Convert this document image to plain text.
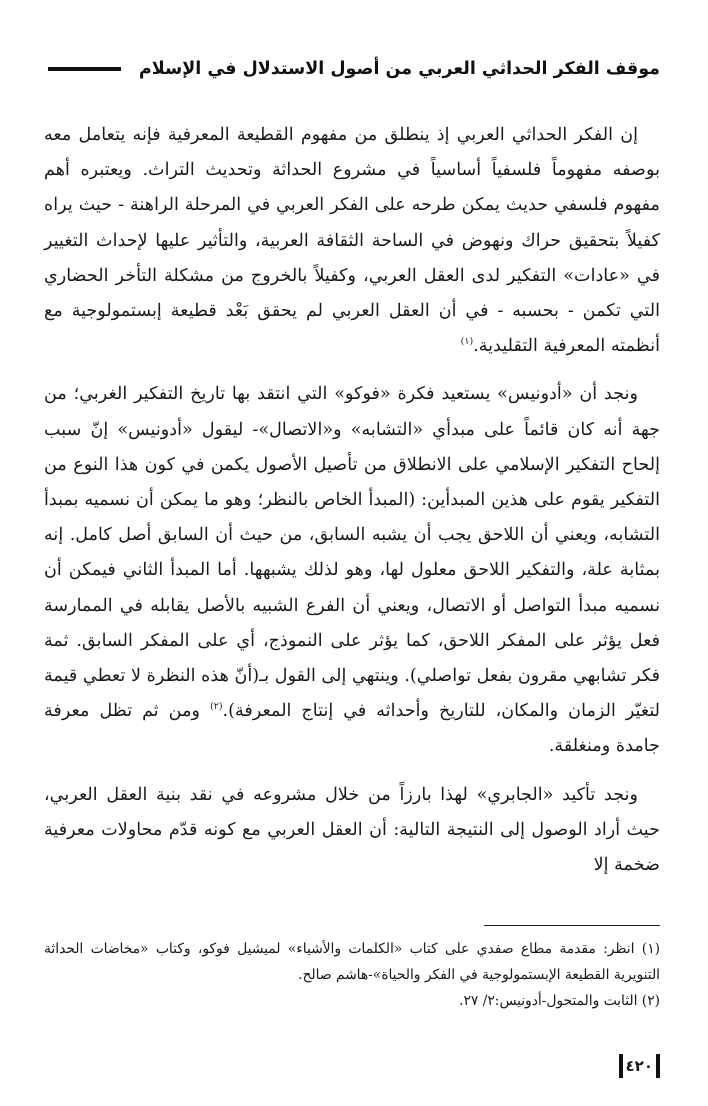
موقف الفكر الحداثي العربي من أصول الاستدلال في الإسلام

إن الفكر الحداثي العربي إذ ينطلق من مفهوم القطيعة المعرفية فإنه يتعامل معه بوصفه مفهوماً فلسفياً أساسياً في مشروع الحداثة وتحديث التراث. ويعتبره أهم مفهوم فلسفي حديث يمكن طرحه على الفكر العربي في المرحلة الراهنة - حيث يراه كفيلاً بتحقيق حراك ونهوض في الساحة الثقافة العربية، والتأثير عليها لإحداث التغيير في «عادات» التفكير لدى العقل العربي، وكفيلاً بالخروج من مشكلة التأخر الحضاري التي تكمن - بحسبه - في أن العقل العربي لم يحقق بَعْد قطيعة إبستمولوجية مع أنظمته المعرفية التقليدية.$^{(١)}$

ونجد أن «أدونيس» يستعيد فكرة «فوكو» التي انتقد بها تاريخ التفكير الغربي؛ من جهة أنه كان قائماً على مبدأي «التشابه» و«الاتصال»- ليقول «أدونيس» إنّ سبب إلحاح التفكير الإسلامي على الانطلاق من تأصيل الأصول يكمن في كون هذا النوع من التفكير يقوم على هذين المبدأين: (المبدأ الخاص بالنظر؛ وهو ما يمكن أن نسميه بمبدأ التشابه، ويعني أن اللاحق يجب أن يشبه السابق، من حيث أن السابق أصل كامل. إنه بمثابة علة، والتفكير اللاحق معلول لها، وهو لذلك يشبهها. أما المبدأ الثاني فيمكن أن نسميه مبدأ التواصل أو الاتصال، ويعني أن الفرع الشبيه بالأصل يقابله في الممارسة فعل يؤثر على المفكر اللاحق، كما يؤثر على النموذج، أي على المفكر السابق. ثمة فكر تشابهي مقرون بفعل تواصلي). وينتهي إلى القول بـ(أنّ هذه النظرة لا تعطي قيمة لتغيّر الزمان والمكان، للتاريخ وأحداثه في إنتاج المعرفة).$^{(٢)}$ ومن ثم تظل معرفة جامدة ومنغلقة.

ونجد تأكيد «الجابري» لهذا بارزاً من خلال مشروعه في نقد بنية العقل العربي، حيث أراد الوصول إلى النتيجة التالية: أن العقل العربي مع كونه قدّم محاولات معرفية ضخمة إلا

(١) انظر: مقدمة مطاع صفدي على كتاب «الكلمات والأشياء» لميشيل فوكو، وكتاب «مخاضات الحداثة التنويرية القطيعة الإبستمولوجية في الفكر والحياة»-هاشم صالح.
(٢) الثابت والمتحول-أدونيس:٢/ ٢٧.
٤٢٠
